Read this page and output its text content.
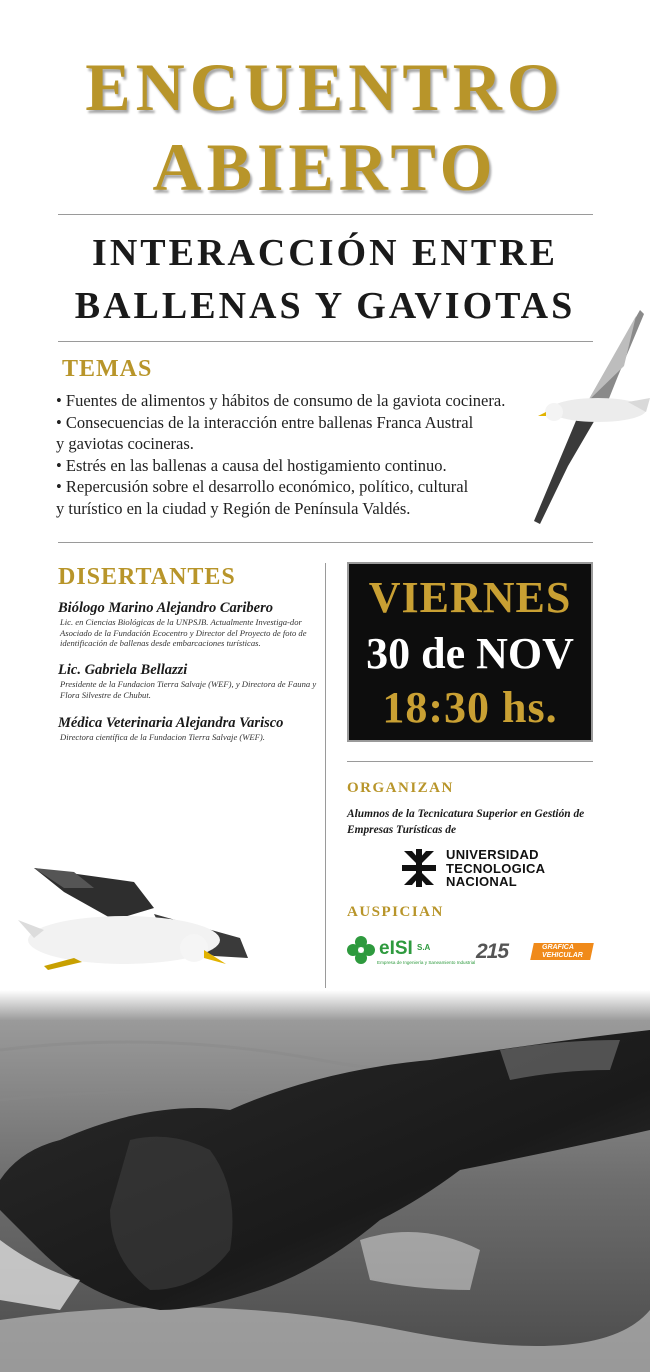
ENCUENTRO
ABIERTO
INTERACCIÓN ENTRE
BALLENAS Y GAVIOTAS
TEMAS
• Fuentes de alimentos y hábitos de consumo de la gaviota cocinera.
• Consecuencias de la interacción entre ballenas Franca Austral
y gaviotas cocineras.
• Estrés en las ballenas a causa del hostigamiento continuo.
• Repercusión sobre el desarrollo económico, político, cultural
y turístico en la ciudad y Región de Península Valdés.
DISERTANTES
Biólogo Marino Alejandro Caribero
Lic. en Ciencias Biológicas de la UNPSJB. Actualmente Investiga-dor Asociado de la Fundación Ecocentro y Director del Proyecto de foto de identificación de ballenas desde embarcaciones turísticas.
Lic. Gabriela Bellazzi
Presidente de la Fundacion Tierra Salvaje (WEF), y Directora de Fauna y Flora Silvestre de Chubut.
Médica Veterinaria Alejandra Varisco
Directora científica de la Fundacion Tierra Salvaje (WEF).
VIERNES
30 de NOV
18:30 hs.
ORGANIZAN
Alumnos de la Tecnicatura Superior en Gestión de Empresas Turísticas de
UNIVERSIDAD
TECNOLOGICA
NACIONAL
AUSPICIAN
eISI S.A
Empresa de Ingeniería y Saneamiento Industrial 215	GRAFICA
VEHICULAR
